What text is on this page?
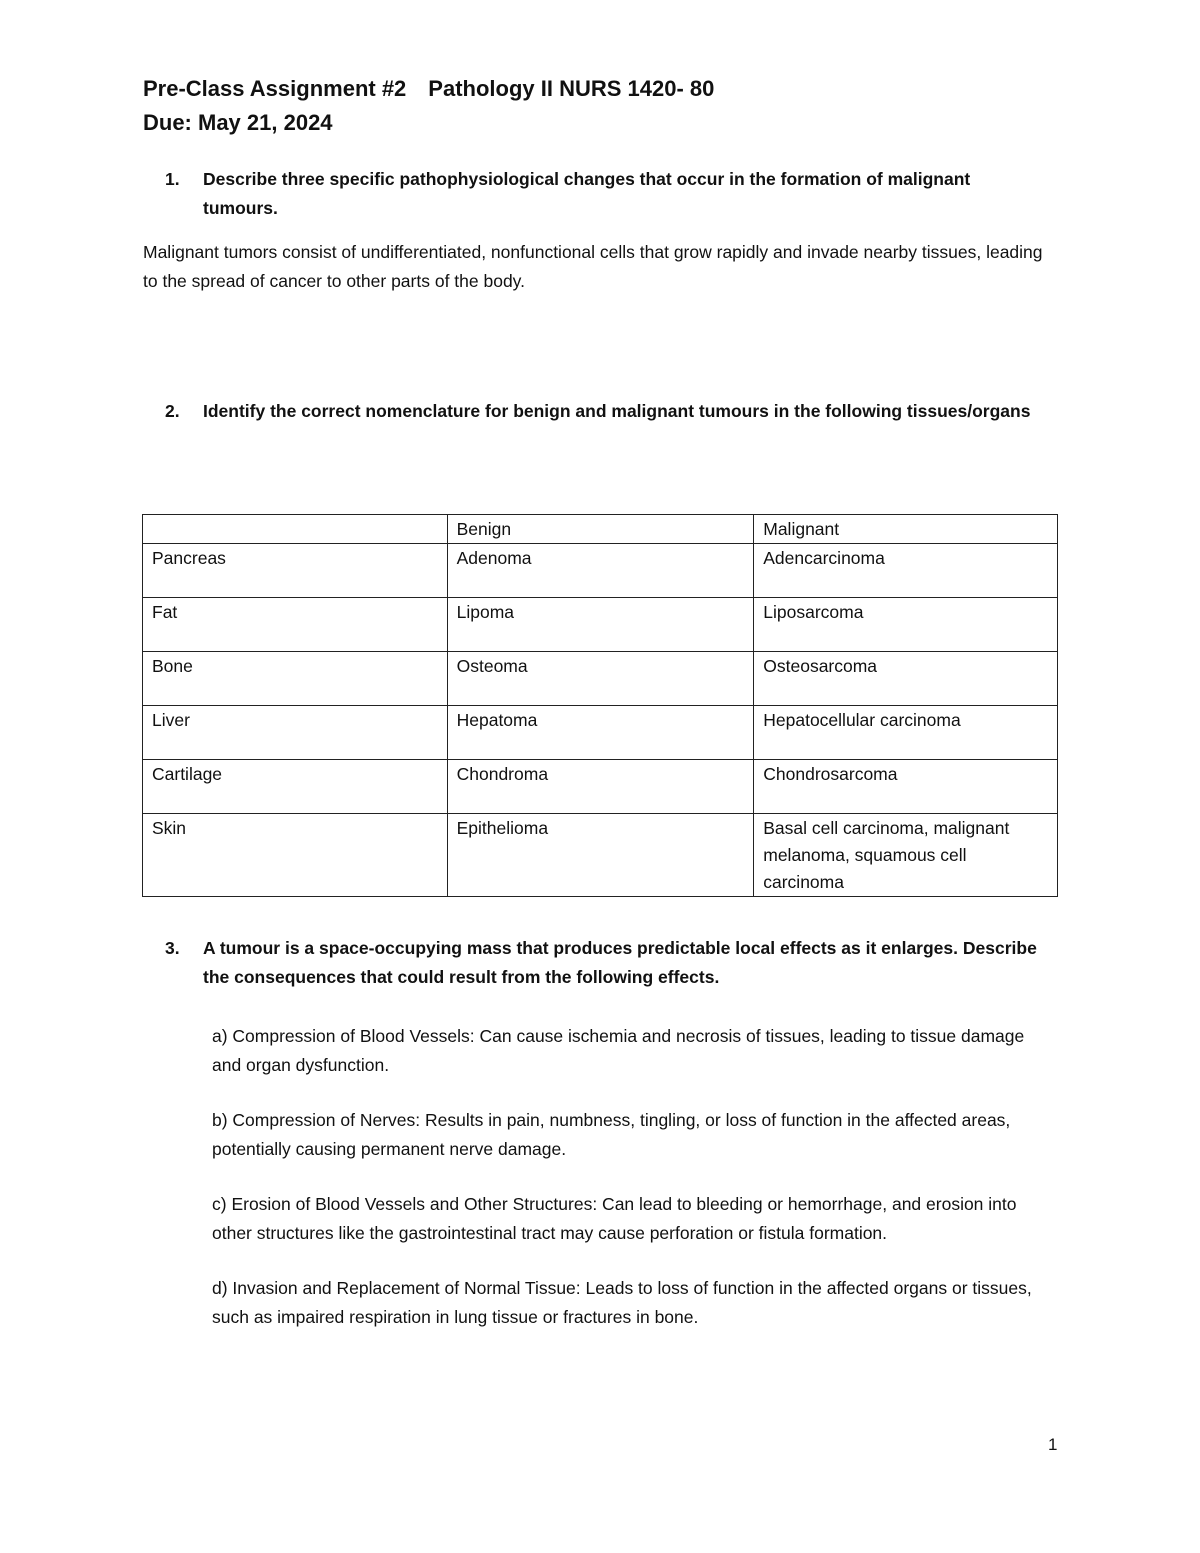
Pre-Class Assignment #2 Pathology II NURS 1420- 80
Due: May 21, 2024
1. Describe three specific pathophysiological changes that occur in the formation of malignant tumours.
Malignant tumors consist of undifferentiated, nonfunctional cells that grow rapidly and invade nearby tissues, leading to the spread of cancer to other parts of the body.
2. Identify the correct nomenclature for benign and malignant tumours in the following tissues/organs
	Benign	Malignant
Pancreas	Adenoma	Adencarcinoma
Fat	Lipoma	Liposarcoma
Bone	Osteoma	Osteosarcoma
Liver	Hepatoma	Hepatocellular carcinoma
Cartilage	Chondroma	Chondrosarcoma
Skin	Epithelioma	Basal cell carcinoma, malignant melanoma, squamous cell carcinoma
3. A tumour is a space-occupying mass that produces predictable local effects as it enlarges. Describe the consequences that could result from the following effects.

a) Compression of Blood Vessels: Can cause ischemia and necrosis of tissues, leading to tissue damage and organ dysfunction.

b) Compression of Nerves: Results in pain, numbness, tingling, or loss of function in the affected areas, potentially causing permanent nerve damage.

c) Erosion of Blood Vessels and Other Structures: Can lead to bleeding or hemorrhage, and erosion into other structures like the gastrointestinal tract may cause perforation or fistula formation.

d) Invasion and Replacement of Normal Tissue: Leads to loss of function in the affected organs or tissues, such as impaired respiration in lung tissue or fractures in bone.

1
